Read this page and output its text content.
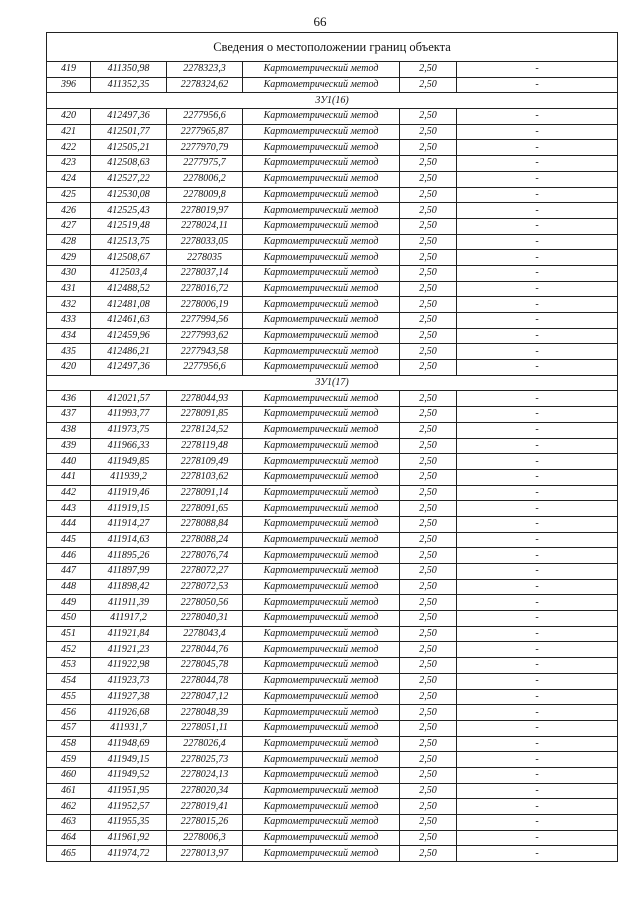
66
Сведения о местоположении границ объекта					
419	411350,98	2278323,3	Картометрический метод	2,50	-
396	411352,35	2278324,62	Картометрический метод	2,50	-
3У1(16)					
420	412497,36	2277956,6	Картометрический метод	2,50	-
421	412501,77	2277965,87	Картометрический метод	2,50	-
422	412505,21	2277970,79	Картометрический метод	2,50	-
423	412508,63	2277975,7	Картометрический метод	2,50	-
424	412527,22	2278006,2	Картометрический метод	2,50	-
425	412530,08	2278009,8	Картометрический метод	2,50	-
426	412525,43	2278019,97	Картометрический метод	2,50	-
427	412519,48	2278024,11	Картометрический метод	2,50	-
428	412513,75	2278033,05	Картометрический метод	2,50	-
429	412508,67	2278035	Картометрический метод	2,50	-
430	412503,4	2278037,14	Картометрический метод	2,50	-
431	412488,52	2278016,72	Картометрический метод	2,50	-
432	412481,08	2278006,19	Картометрический метод	2,50	-
433	412461,63	2277994,56	Картометрический метод	2,50	-
434	412459,96	2277993,62	Картометрический метод	2,50	-
435	412486,21	2277943,58	Картометрический метод	2,50	-
420	412497,36	2277956,6	Картометрический метод	2,50	-
3У1(17)					
436	412021,57	2278044,93	Картометрический метод	2,50	-
437	411993,77	2278091,85	Картометрический метод	2,50	-
438	411973,75	2278124,52	Картометрический метод	2,50	-
439	411966,33	2278119,48	Картометрический метод	2,50	-
440	411949,85	2278109,49	Картометрический метод	2,50	-
441	411939,2	2278103,62	Картометрический метод	2,50	-
442	411919,46	2278091,14	Картометрический метод	2,50	-
443	411919,15	2278091,65	Картометрический метод	2,50	-
444	411914,27	2278088,84	Картометрический метод	2,50	-
445	411914,63	2278088,24	Картометрический метод	2,50	-
446	411895,26	2278076,74	Картометрический метод	2,50	-
447	411897,99	2278072,27	Картометрический метод	2,50	-
448	411898,42	2278072,53	Картометрический метод	2,50	-
449	411911,39	2278050,56	Картометрический метод	2,50	-
450	411917,2	2278040,31	Картометрический метод	2,50	-
451	411921,84	2278043,4	Картометрический метод	2,50	-
452	411921,23	2278044,76	Картометрический метод	2,50	-
453	411922,98	2278045,78	Картометрический метод	2,50	-
454	411923,73	2278044,78	Картометрический метод	2,50	-
455	411927,38	2278047,12	Картометрический метод	2,50	-
456	411926,68	2278048,39	Картометрический метод	2,50	-
457	411931,7	2278051,11	Картометрический метод	2,50	-
458	411948,69	2278026,4	Картометрический метод	2,50	-
459	411949,15	2278025,73	Картометрический метод	2,50	-
460	411949,52	2278024,13	Картометрический метод	2,50	-
461	411951,95	2278020,34	Картометрический метод	2,50	-
462	411952,57	2278019,41	Картометрический метод	2,50	-
463	411955,35	2278015,26	Картометрический метод	2,50	-
464	411961,92	2278006,3	Картометрический метод	2,50	-
465	411974,72	2278013,97	Картометрический метод	2,50	-
